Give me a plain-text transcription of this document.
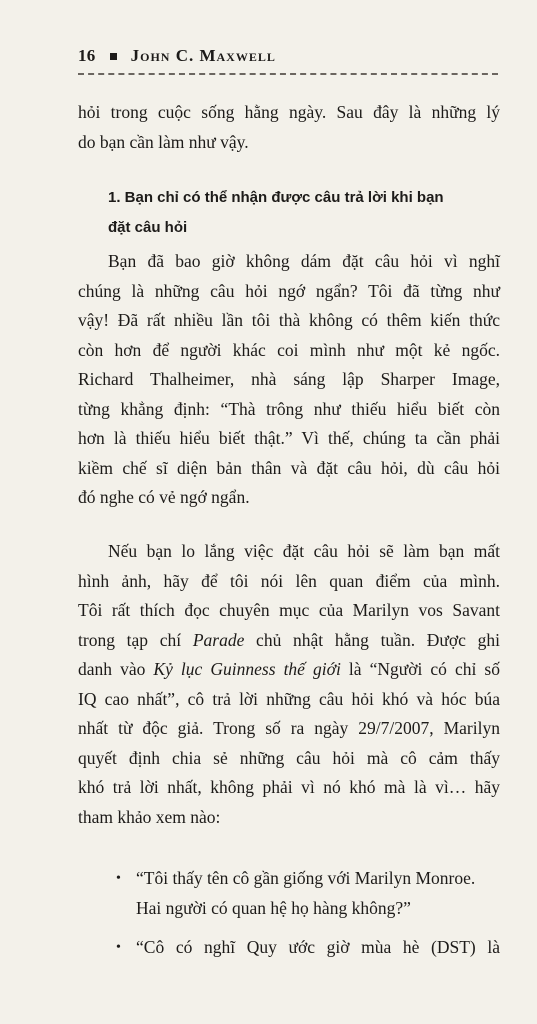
16 John C. Maxwell
hỏi trong cuộc sống hằng ngày. Sau đây là những lý
do bạn cần làm như vậy.
1. Bạn chỉ có thể nhận được câu trả lời khi bạn
đặt câu hỏi
Bạn đã bao giờ không dám đặt câu hỏi vì nghĩ
chúng là những câu hỏi ngớ ngẩn? Tôi đã từng như
vậy! Đã rất nhiều lần tôi thà không có thêm kiến thức
còn hơn để người khác coi mình như một kẻ ngốc.
Richard Thalheimer, nhà sáng lập Sharper Image,
từng khẳng định: “Thà trông như thiếu hiểu biết còn
hơn là thiếu hiểu biết thật.” Vì thế, chúng ta cần phải
kiềm chế sĩ diện bản thân và đặt câu hỏi, dù câu hỏi
đó nghe có vẻ ngớ ngẩn.
Nếu bạn lo lắng việc đặt câu hỏi sẽ làm bạn mất
hình ảnh, hãy để tôi nói lên quan điểm của mình.
Tôi rất thích đọc chuyên mục của Marilyn vos Savant
trong tạp chí Parade chủ nhật hằng tuần. Được ghi
danh vào Kỷ lục Guinness thế giới là “Người có chỉ số
IQ cao nhất”, cô trả lời những câu hỏi khó và hóc búa
nhất từ độc giả. Trong số ra ngày 29/7/2007, Marilyn
quyết định chia sẻ những câu hỏi mà cô cảm thấy
khó trả lời nhất, không phải vì nó khó mà là vì… hãy
tham khảo xem nào:
• “Tôi thấy tên cô gần giống với Marilyn Monroe.
Hai người có quan hệ họ hàng không?”
• “Cô có nghĩ Quy ước giờ mùa hè (DST) là
